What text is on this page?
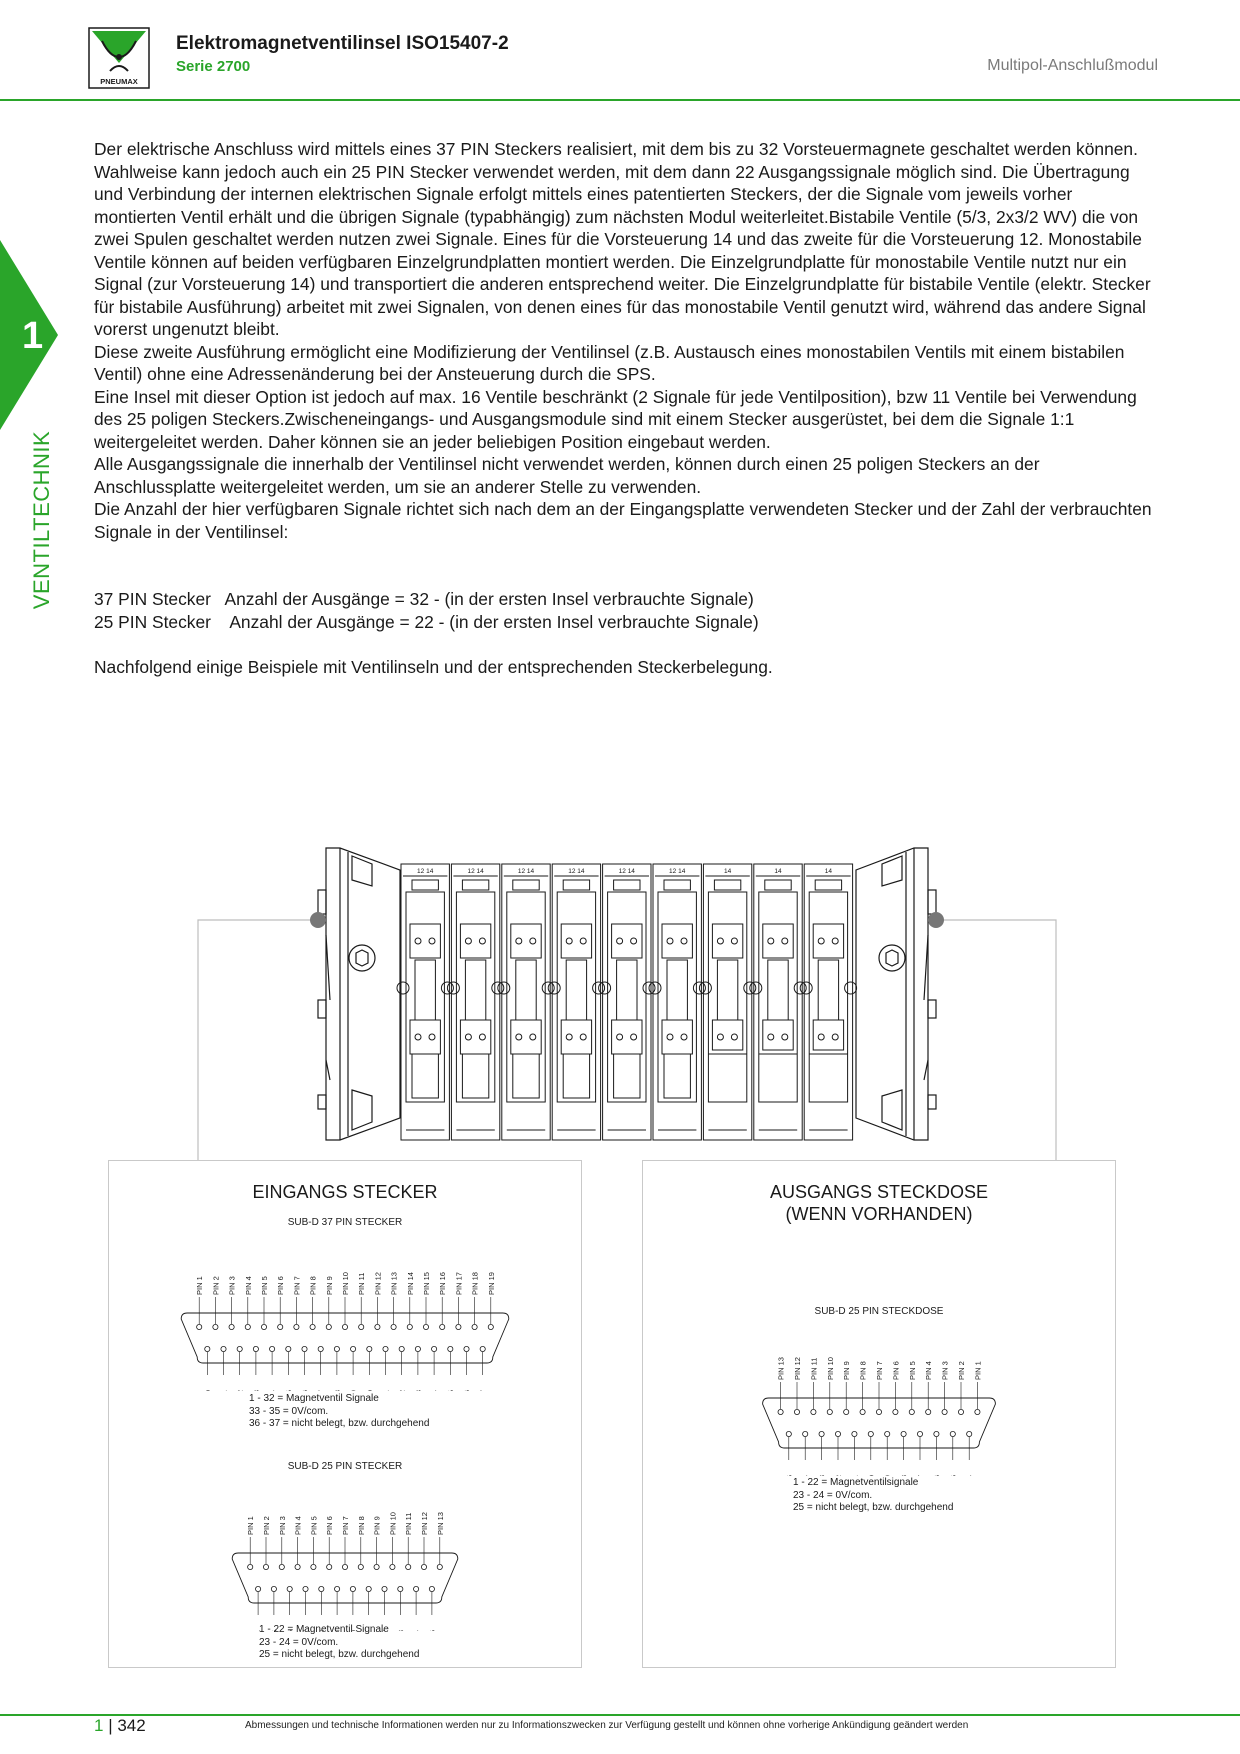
PNEUMAX
Elektromagnetventilinsel ISO15407-2
Serie 2700	Multipol-Anschlußmodul
1
VENTILTECHNIK

Der elektrische Anschluss wird mittels eines 37 PIN Steckers realisiert, mit dem bis zu 32 Vorsteuermagnete geschaltet werden können. Wahlweise kann jedoch auch ein 25 PIN Stecker verwendet werden, mit dem dann 22 Ausgangssignale möglich sind. Die Übertragung und Verbindung der internen elektrischen Signale erfolgt mittels eines patentierten Steckers, der die Signale vom jeweils vorher montierten Ventil erhält und die übrigen Signale (typabhängig) zum nächsten Modul weiterleitet.Bistabile Ventile (5/3, 2x3/2 WV) die von zwei Spulen geschaltet werden nutzen zwei Signale. Eines für die Vorsteuerung 14 und das zweite für die Vorsteuerung 12. Monostabile Ventile können auf beiden verfügbaren Einzelgrundplatten montiert werden. Die Einzelgrundplatte für monostabile Ventile nutzt nur ein Signal (zur Vorsteuerung 14) und transportiert die anderen entsprechend weiter. Die Einzelgrundplatte für bistabile Ventile (elektr. Stecker für bistabile Ausführung) arbeitet mit zwei Signalen, von denen eines für das monostabile Ventil genutzt wird, während das andere Signal vorerst ungenutzt bleibt.

Diese zweite Ausführung ermöglicht eine Modifizierung der Ventilinsel (z.B. Austausch eines monostabilen Ventils mit einem bistabilen Ventil) ohne eine Adressenänderung bei der Ansteuerung durch die SPS.

Eine Insel mit dieser Option ist jedoch auf max. 16 Ventile beschränkt (2 Signale für jede Ventilposition), bzw 11 Ventile bei Verwendung des 25 poligen Steckers.Zwischeneingangs- und Ausgangsmodule sind mit einem Stecker ausgerüstet, bei dem die Signale 1:1 weitergeleitet werden. Daher können sie an jeder beliebigen Position eingebaut werden.

Alle Ausgangssignale die innerhalb der Ventilinsel nicht verwendet werden, können durch einen 25 poligen Steckers an der Anschlussplatte weitergeleitet werden, um sie an anderer Stelle zu verwenden.

Die Anzahl der hier verfügbaren Signale richtet sich nach dem an der Eingangsplatte verwendeten Stecker und der Zahl der verbrauchten Signale in der Ventilinsel:

37 PIN Stecker   Anzahl der Ausgänge = 32 - (in der ersten Insel verbrauchte Signale)
25 PIN Stecker    Anzahl der Ausgänge = 22 - (in der ersten Insel verbrauchte Signale)
Nachfolgend einige Beispiele mit Ventilinseln und der entsprechenden Steckerbelegung.
12 14	12 14	12 14	12 14	12 14	12 14	14	14	14
EINGANGS STECKER
SUB-D 37 PIN STECKER
PIN 1 PIN 2 PIN 3 PIN 4 PIN 5 PIN 6 PIN 7 PIN 8 PIN 9 PIN 10 PIN 11 PIN 12 PIN 13 PIN 14 PIN 15 PIN 16 PIN 17 PIN 18 PIN 19
1 - 32 = Magnetventil Signale
33 - 35 = 0V/com.
36 - 37 = nicht belegt, bzw. durchgehend
SUB-D 25 PIN STECKER
PIN 1 PIN 2 PIN 3 PIN 4 PIN 5 PIN 6 PIN 7 PIN 8 PIN 9 PIN 10 PIN 11 PIN 12 PIN 13
1 - 22 = Magnetventil Signale
23 - 24 = 0V/com.
25 = nicht belegt, bzw. durchgehend
AUSGANGS STECKDOSE
(WENN VORHANDEN)
SUB-D 25 PIN STECKDOSE
PIN 13 PIN 12 PIN 11 PIN 10 PIN 9 PIN 8 PIN 7 PIN 6 PIN 5 PIN 4 PIN 3 PIN 2 PIN 1
1 - 22 = Magnetventilsignale
23 - 24 = 0V/com.
25 = nicht belegt, bzw. durchgehend
1 | 342	Abmessungen und technische Informationen werden nur zu Informationszwecken zur Verfügung gestellt und können ohne vorherige Ankündigung geändert werden
